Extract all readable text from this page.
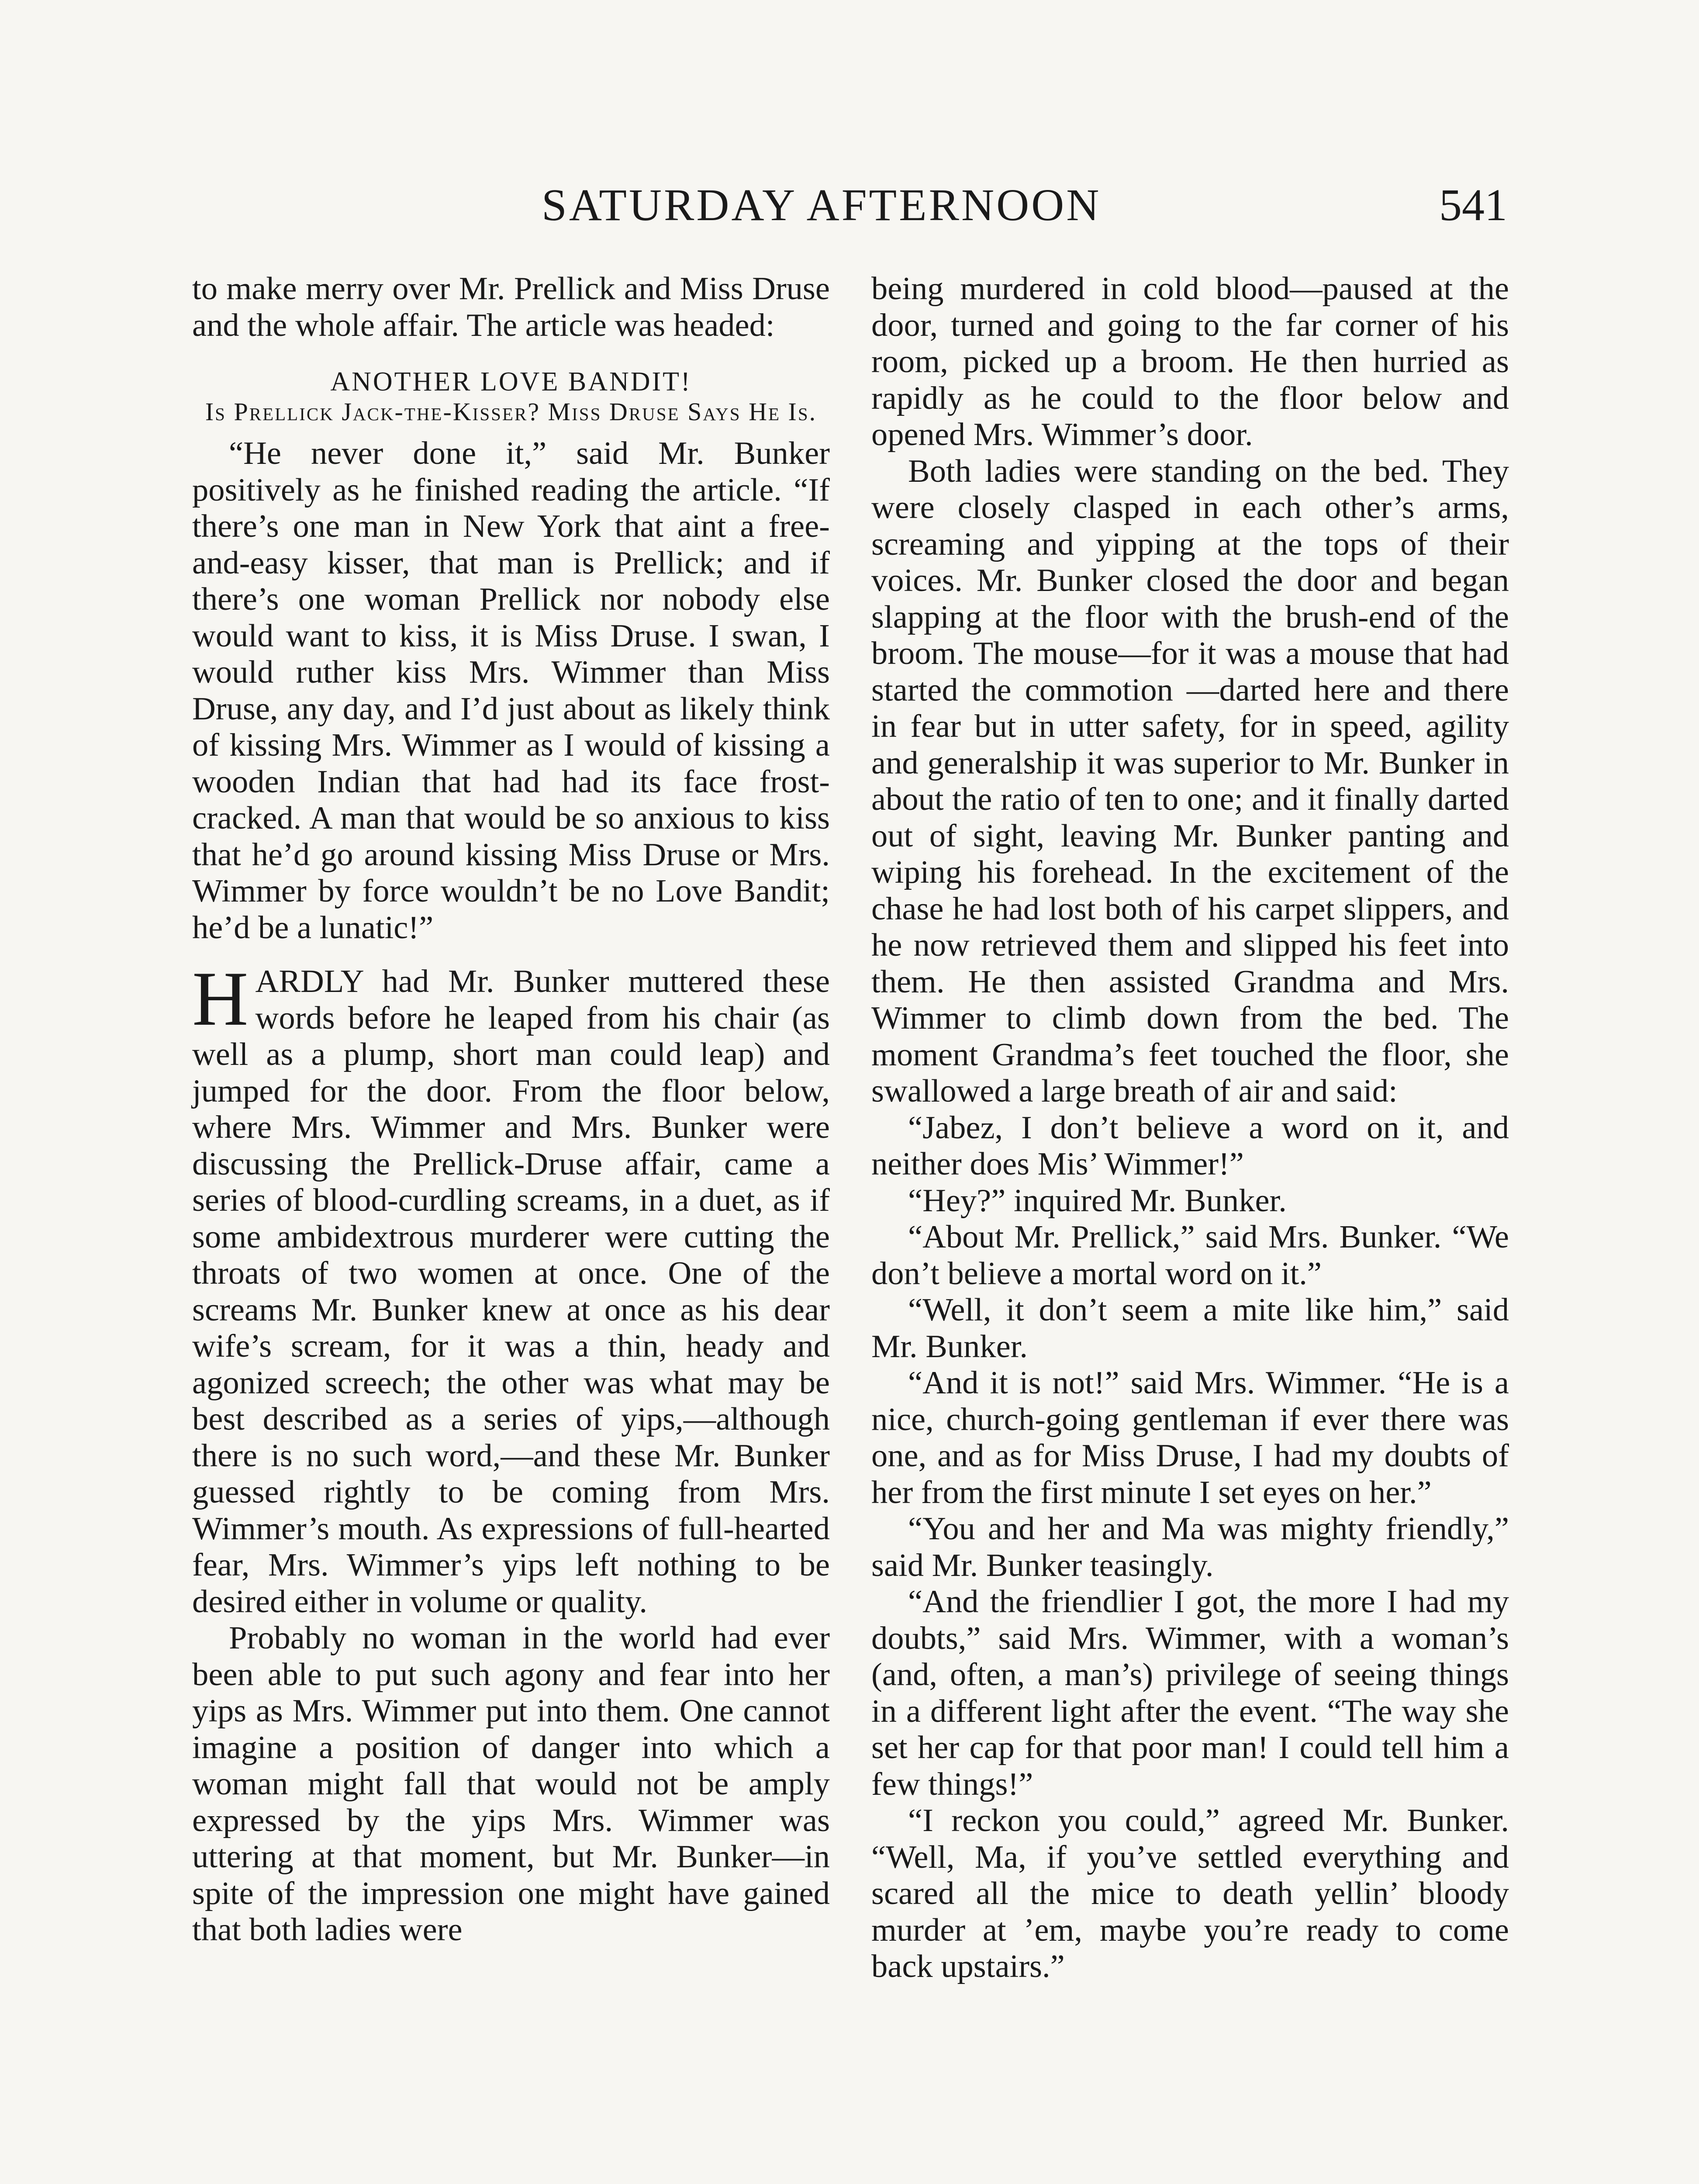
SATURDAY AFTERNOON	541

to make merry over Mr. Prellick and Miss Druse and the whole affair. The article was headed:

ANOTHER LOVE BANDIT!
Is Prellick Jack-the-Kisser? Miss Druse Says He Is.

“He never done it,” said Mr. Bunker positively as he finished reading the article. “If there’s one man in New York that aint a free-and-easy kisser, that man is Prellick; and if there’s one woman Prellick nor nobody else would want to kiss, it is Miss Druse. I swan, I would ruther kiss Mrs. Wimmer than Miss Druse, any day, and I’d just about as likely think of kissing Mrs. Wimmer as I would of kissing a wooden Indian that had had its face frost-cracked. A man that would be so anxious to kiss that he’d go around kissing Miss Druse or Mrs. Wimmer by force wouldn’t be no Love Bandit; he’d be a lunatic!”

HARDLY had Mr. Bunker muttered these words before he leaped from his chair (as well as a plump, short man could leap) and jumped for the door. From the floor below, where Mrs. Wimmer and Mrs. Bunker were discussing the Prellick-Druse affair, came a series of blood-curdling screams, in a duet, as if some ambidextrous murderer were cutting the throats of two women at once. One of the screams Mr. Bunker knew at once as his dear wife’s scream, for it was a thin, heady and agonized screech; the other was what may be best described as a series of yips,—although there is no such word,—and these Mr. Bunker guessed rightly to be coming from Mrs. Wimmer’s mouth. As expressions of full-hearted fear, Mrs. Wimmer’s yips left nothing to be desired either in volume or quality.

Probably no woman in the world had ever been able to put such agony and fear into her yips as Mrs. Wimmer put into them. One cannot imagine a position of danger into which a woman might fall that would not be amply expressed by the yips Mrs. Wimmer was uttering at that moment, but Mr. Bunker—in spite of the impression one might have gained that both ladies were

being murdered in cold blood—paused at the door, turned and going to the far corner of his room, picked up a broom. He then hurried as rapidly as he could to the floor below and opened Mrs. Wimmer’s door.

Both ladies were standing on the bed. They were closely clasped in each other’s arms, screaming and yipping at the tops of their voices. Mr. Bunker closed the door and began slapping at the floor with the brush-end of the broom. The mouse—for it was a mouse that had started the commotion —darted here and there in fear but in utter safety, for in speed, agility and generalship it was superior to Mr. Bunker in about the ratio of ten to one; and it finally darted out of sight, leaving Mr. Bunker panting and wiping his forehead. In the excitement of the chase he had lost both of his carpet slippers, and he now retrieved them and slipped his feet into them. He then assisted Grandma and Mrs. Wimmer to climb down from the bed. The moment Grandma’s feet touched the floor, she swallowed a large breath of air and said:

“Jabez, I don’t believe a word on it, and neither does Mis’ Wimmer!”

“Hey?” inquired Mr. Bunker.

“About Mr. Prellick,” said Mrs. Bunker. “We don’t believe a mortal word on it.”

“Well, it don’t seem a mite like him,” said Mr. Bunker.

“And it is not!” said Mrs. Wimmer. “He is a nice, church-going gentleman if ever there was one, and as for Miss Druse, I had my doubts of her from the first minute I set eyes on her.”

“You and her and Ma was mighty friendly,” said Mr. Bunker teasingly.

“And the friendlier I got, the more I had my doubts,” said Mrs. Wimmer, with a woman’s (and, often, a man’s) privilege of seeing things in a different light after the event. “The way she set her cap for that poor man! I could tell him a few things!”

“I reckon you could,” agreed Mr. Bunker. “Well, Ma, if you’ve settled everything and scared all the mice to death yellin’ bloody murder at ’em, maybe you’re ready to come back upstairs.”
